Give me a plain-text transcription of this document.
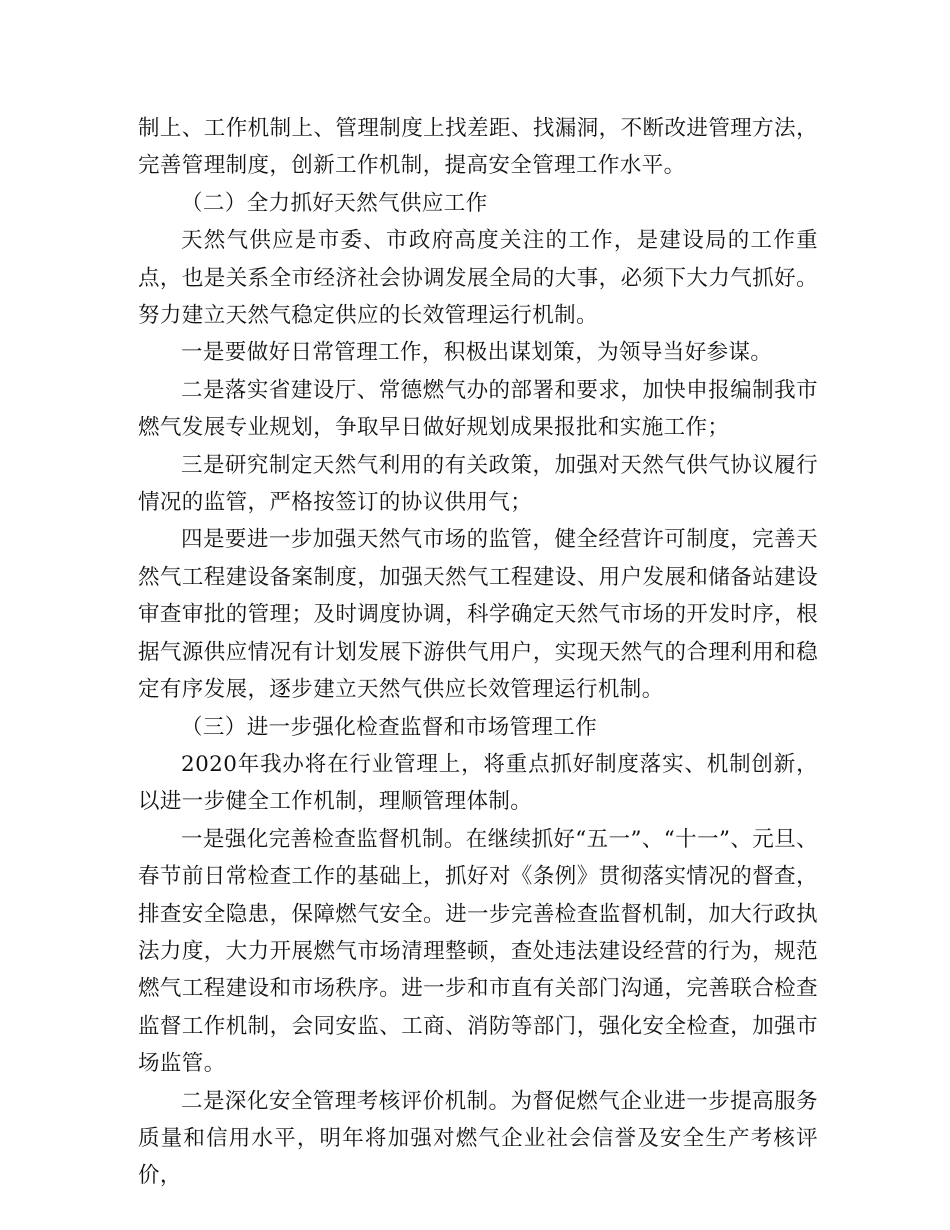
制上、工作机制上、管理制度上找差距、找漏洞，不断改进管理方法，完善管理制度，创新工作机制，提高安全管理工作水平。

（二）全力抓好天然气供应工作

天然气供应是市委、市政府高度关注的工作，是建设局的工作重点，也是关系全市经济社会协调发展全局的大事，必须下大力气抓好。努力建立天然气稳定供应的长效管理运行机制。

一是要做好日常管理工作，积极出谋划策，为领导当好参谋。

二是落实省建设厅、常德燃气办的部署和要求，加快申报编制我市燃气发展专业规划，争取早日做好规划成果报批和实施工作；

三是研究制定天然气利用的有关政策，加强对天然气供气协议履行情况的监管，严格按签订的协议供用气；

四是要进一步加强天然气市场的监管，健全经营许可制度，完善天然气工程建设备案制度，加强天然气工程建设、用户发展和储备站建设审查审批的管理；及时调度协调，科学确定天然气市场的开发时序，根据气源供应情况有计划发展下游供气用户，实现天然气的合理利用和稳定有序发展，逐步建立天然气供应长效管理运行机制。

（三）进一步强化检查监督和市场管理工作

2020年我办将在行业管理上，将重点抓好制度落实、机制创新，以进一步健全工作机制，理顺管理体制。

一是强化完善检查监督机制。在继续抓好“五一”、“十一”、元旦、春节前日常检查工作的基础上，抓好对《条例》贯彻落实情况的督查，排查安全隐患，保障燃气安全。进一步完善检查监督机制，加大行政执法力度，大力开展燃气市场清理整顿，查处违法建设经营的行为，规范燃气工程建设和市场秩序。进一步和市直有关部门沟通，完善联合检查监督工作机制，会同安监、工商、消防等部门，强化安全检查，加强市场监管。

二是深化安全管理考核评价机制。为督促燃气企业进一步提高服务质量和信用水平，明年将加强对燃气企业社会信誉及安全生产考核评价，
